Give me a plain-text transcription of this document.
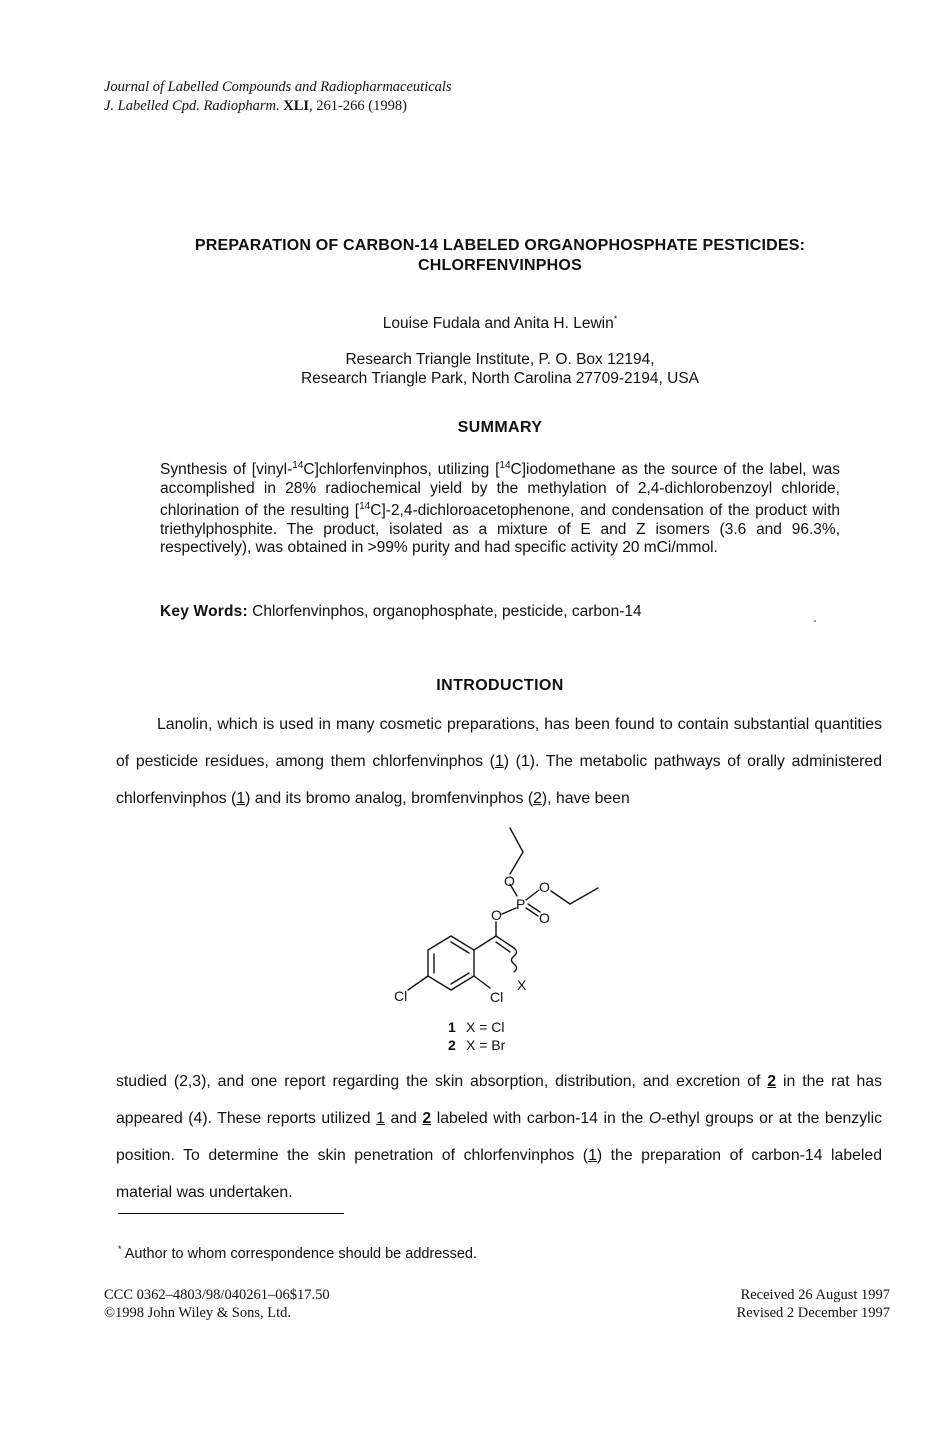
Journal of Labelled Compounds and Radiopharmaceuticals
J. Labelled Cpd. Radiopharm. XLI, 261-266 (1998)
PREPARATION OF CARBON-14 LABELED ORGANOPHOSPHATE PESTICIDES:
CHLORFENVINPHOS
Louise Fudala and Anita H. Lewin*
Research Triangle Institute, P. O. Box 12194,
Research Triangle Park, North Carolina 27709-2194, USA
SUMMARY
Synthesis of [vinyl-$^{14}$C]chlorfenvinphos, utilizing [$^{14}$C]iodomethane as the source of the label, was accomplished in 28% radiochemical yield by the methylation of 2,4-dichlorobenzoyl chloride, chlorination of the resulting [$^{14}$C]-2,4-dichloroacetophenone, and condensation of the product with triethylphosphite. The product, isolated as a mixture of E and Z isomers (3.6 and 96.3%, respectively), was obtained in >99% purity and had specific activity 20 mCi/mmol.
Key Words: Chlorfenvinphos, organophosphate, pesticide, carbon-14
INTRODUCTION
Lanolin, which is used in many cosmetic preparations, has been found to contain substantial quantities of pesticide residues, among them chlorfenvinphos (1) (1). The metabolic pathways of orally administered chlorfenvinphos (1) and its bromo analog, bromfenvinphos (2), have been
O O
P
O
O
X
Cl	Cl
1 X = Cl
2 X = Br
studied (2,3), and one report regarding the skin absorption, distribution, and excretion of 2 in the rat has appeared (4). These reports utilized 1 and 2 labeled with carbon-14 in the O-ethyl groups or at the benzylic position. To determine the skin penetration of chlorfenvinphos (1) the preparation of carbon-14 labeled material was undertaken.
* Author to whom correspondence should be addressed.
CCC 0362–4803/98/040261–06$17.50
©1998 John Wiley & Sons, Ltd.
Received 26 August 1997
Revised 2 December 1997
